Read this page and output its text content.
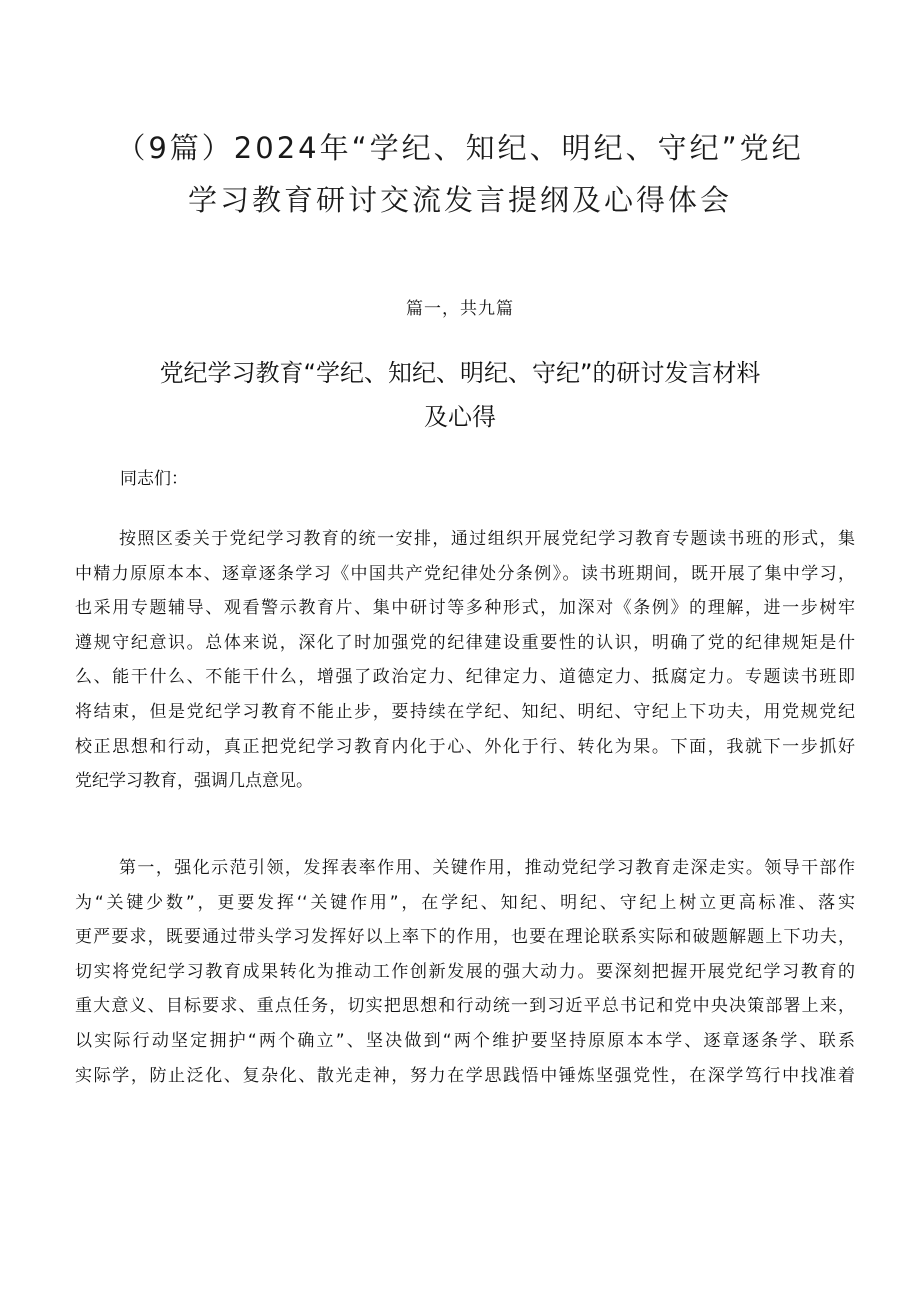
（9篇）2024年“学纪、知纪、明纪、守纪”党纪
学习教育研讨交流发言提纲及心得体会
篇一，共九篇
党纪学习教育“学纪、知纪、明纪、守纪”的研讨发言材料
及心得
同志们：
按照区委关于党纪学习教育的统一安排，通过组织开展党纪学习教育专题读书班的形式，集
中精力原原本本、逐章逐条学习《中国共产党纪律处分条例》。读书班期间，既开展了集中学习，
也采用专题辅导、观看警示教育片、集中研讨等多种形式，加深对《条例》的理解，进一步树牢
遵规守纪意识。总体来说，深化了时加强党的纪律建设重要性的认识，明确了党的纪律规矩是什
么、能干什么、不能干什么，增强了政治定力、纪律定力、道德定力、抵腐定力。专题读书班即
将结束，但是党纪学习教育不能止步，要持续在学纪、知纪、明纪、守纪上下功夫，用党规党纪
校正思想和行动，真正把党纪学习教育内化于心、外化于行、转化为果。下面，我就下一步抓好
党纪学习教育，强调几点意见。
第一，强化示范引领，发挥表率作用、关键作用，推动党纪学习教育走深走实。领导干部作
为“关键少数”，更要发挥‘‘关键作用”，在学纪、知纪、明纪、守纪上树立更高标准、落实
更严要求，既要通过带头学习发挥好以上率下的作用，也要在理论联系实际和破题解题上下功夫，
切实将党纪学习教育成果转化为推动工作创新发展的强大动力。要深刻把握开展党纪学习教育的
重大意义、目标要求、重点任务，切实把思想和行动统一到习近平总书记和党中央决策部署上来，
以实际行动坚定拥护“两个确立”、坚决做到“两个维护要坚持原原本本学、逐章逐条学、联系
实际学，防止泛化、复杂化、散光走神，努力在学思践悟中锤炼坚强党性，在深学笃行中找准着
